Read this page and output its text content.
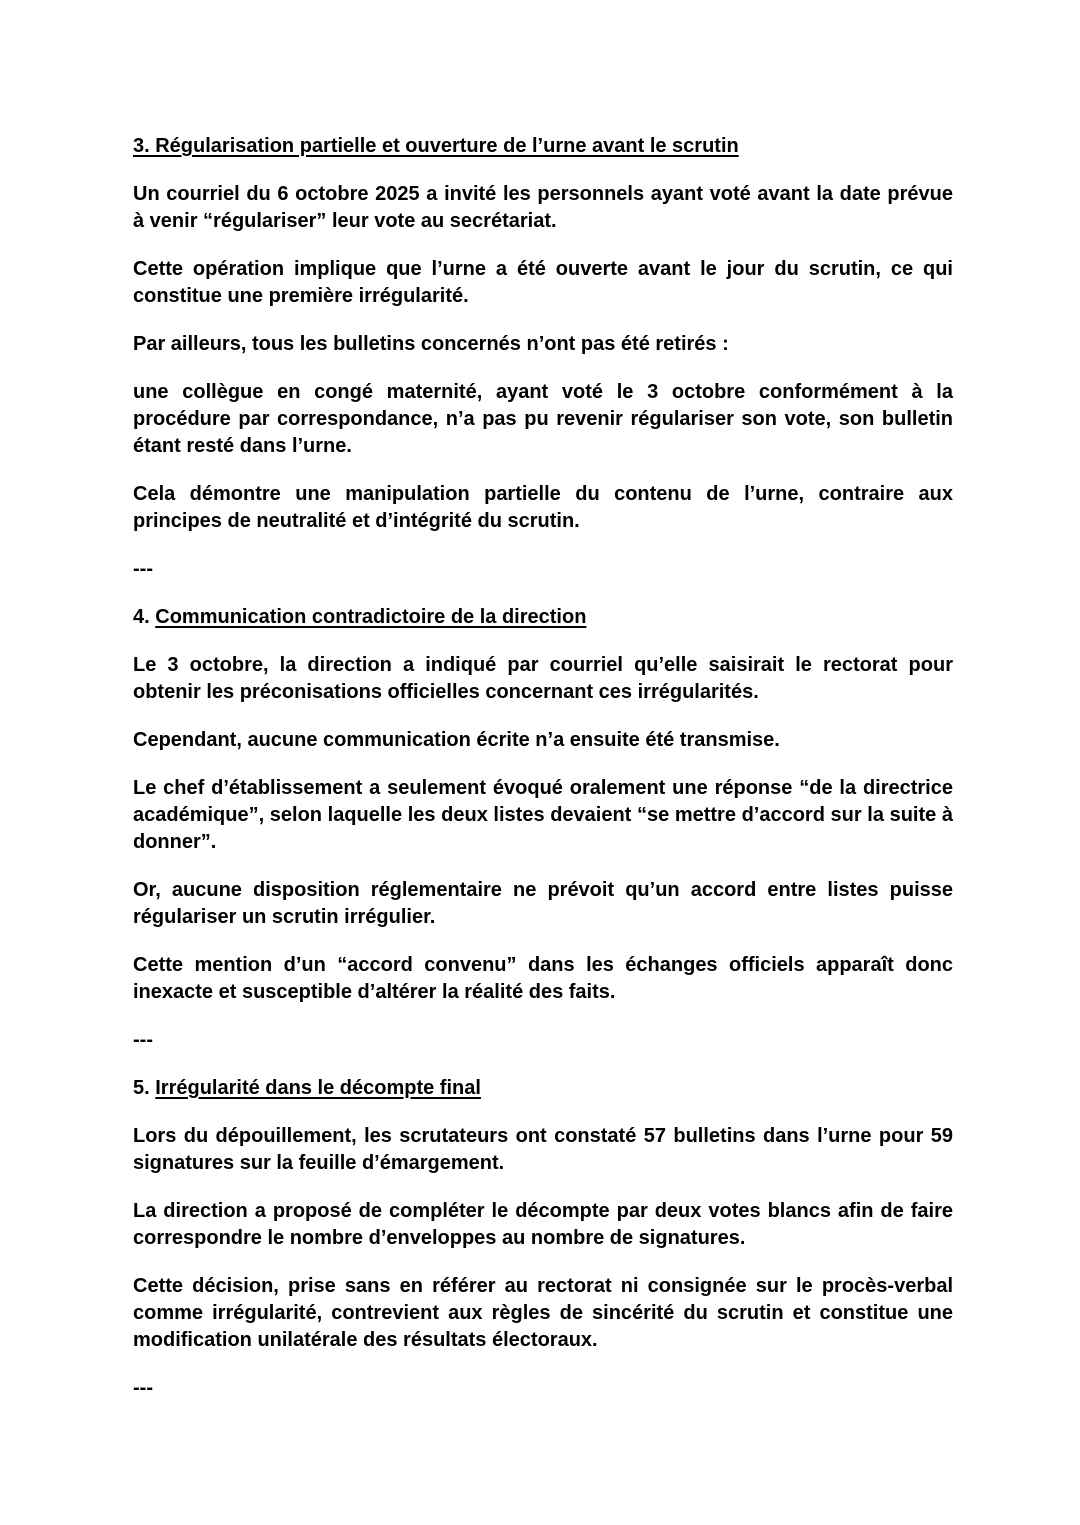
3. Régularisation partielle et ouverture de l’urne avant le scrutin

Un courriel du 6 octobre 2025 a invité les personnels ayant voté avant la date prévue à venir “régulariser” leur vote au secrétariat.

Cette opération implique que l’urne a été ouverte avant le jour du scrutin, ce qui constitue une première irrégularité.

Par ailleurs, tous les bulletins concernés n’ont pas été retirés :

une collègue en congé maternité, ayant voté le 3 octobre conformément à la procédure par correspondance, n’a pas pu revenir régulariser son vote, son bulletin étant resté dans l’urne.

Cela démontre une manipulation partielle du contenu de l’urne, contraire aux principes de neutralité et d’intégrité du scrutin.

---

4. Communication contradictoire de la direction

Le 3 octobre, la direction a indiqué par courriel qu’elle saisirait le rectorat pour obtenir les préconisations officielles concernant ces irrégularités.

Cependant, aucune communication écrite n’a ensuite été transmise.

Le chef d’établissement a seulement évoqué oralement une réponse “de la directrice académique”, selon laquelle les deux listes devaient “se mettre d’accord sur la suite à donner”.

Or, aucune disposition réglementaire ne prévoit qu’un accord entre listes puisse régulariser un scrutin irrégulier.

Cette mention d’un “accord convenu” dans les échanges officiels apparaît donc inexacte et susceptible d’altérer la réalité des faits.

---

5. Irrégularité dans le décompte final

Lors du dépouillement, les scrutateurs ont constaté 57 bulletins dans l’urne pour 59 signatures sur la feuille d’émargement.

La direction a proposé de compléter le décompte par deux votes blancs afin de faire correspondre le nombre d’enveloppes au nombre de signatures.

Cette décision, prise sans en référer au rectorat ni consignée sur le procès-verbal comme irrégularité, contrevient aux règles de sincérité du scrutin et constitue une modification unilatérale des résultats électoraux.

---
